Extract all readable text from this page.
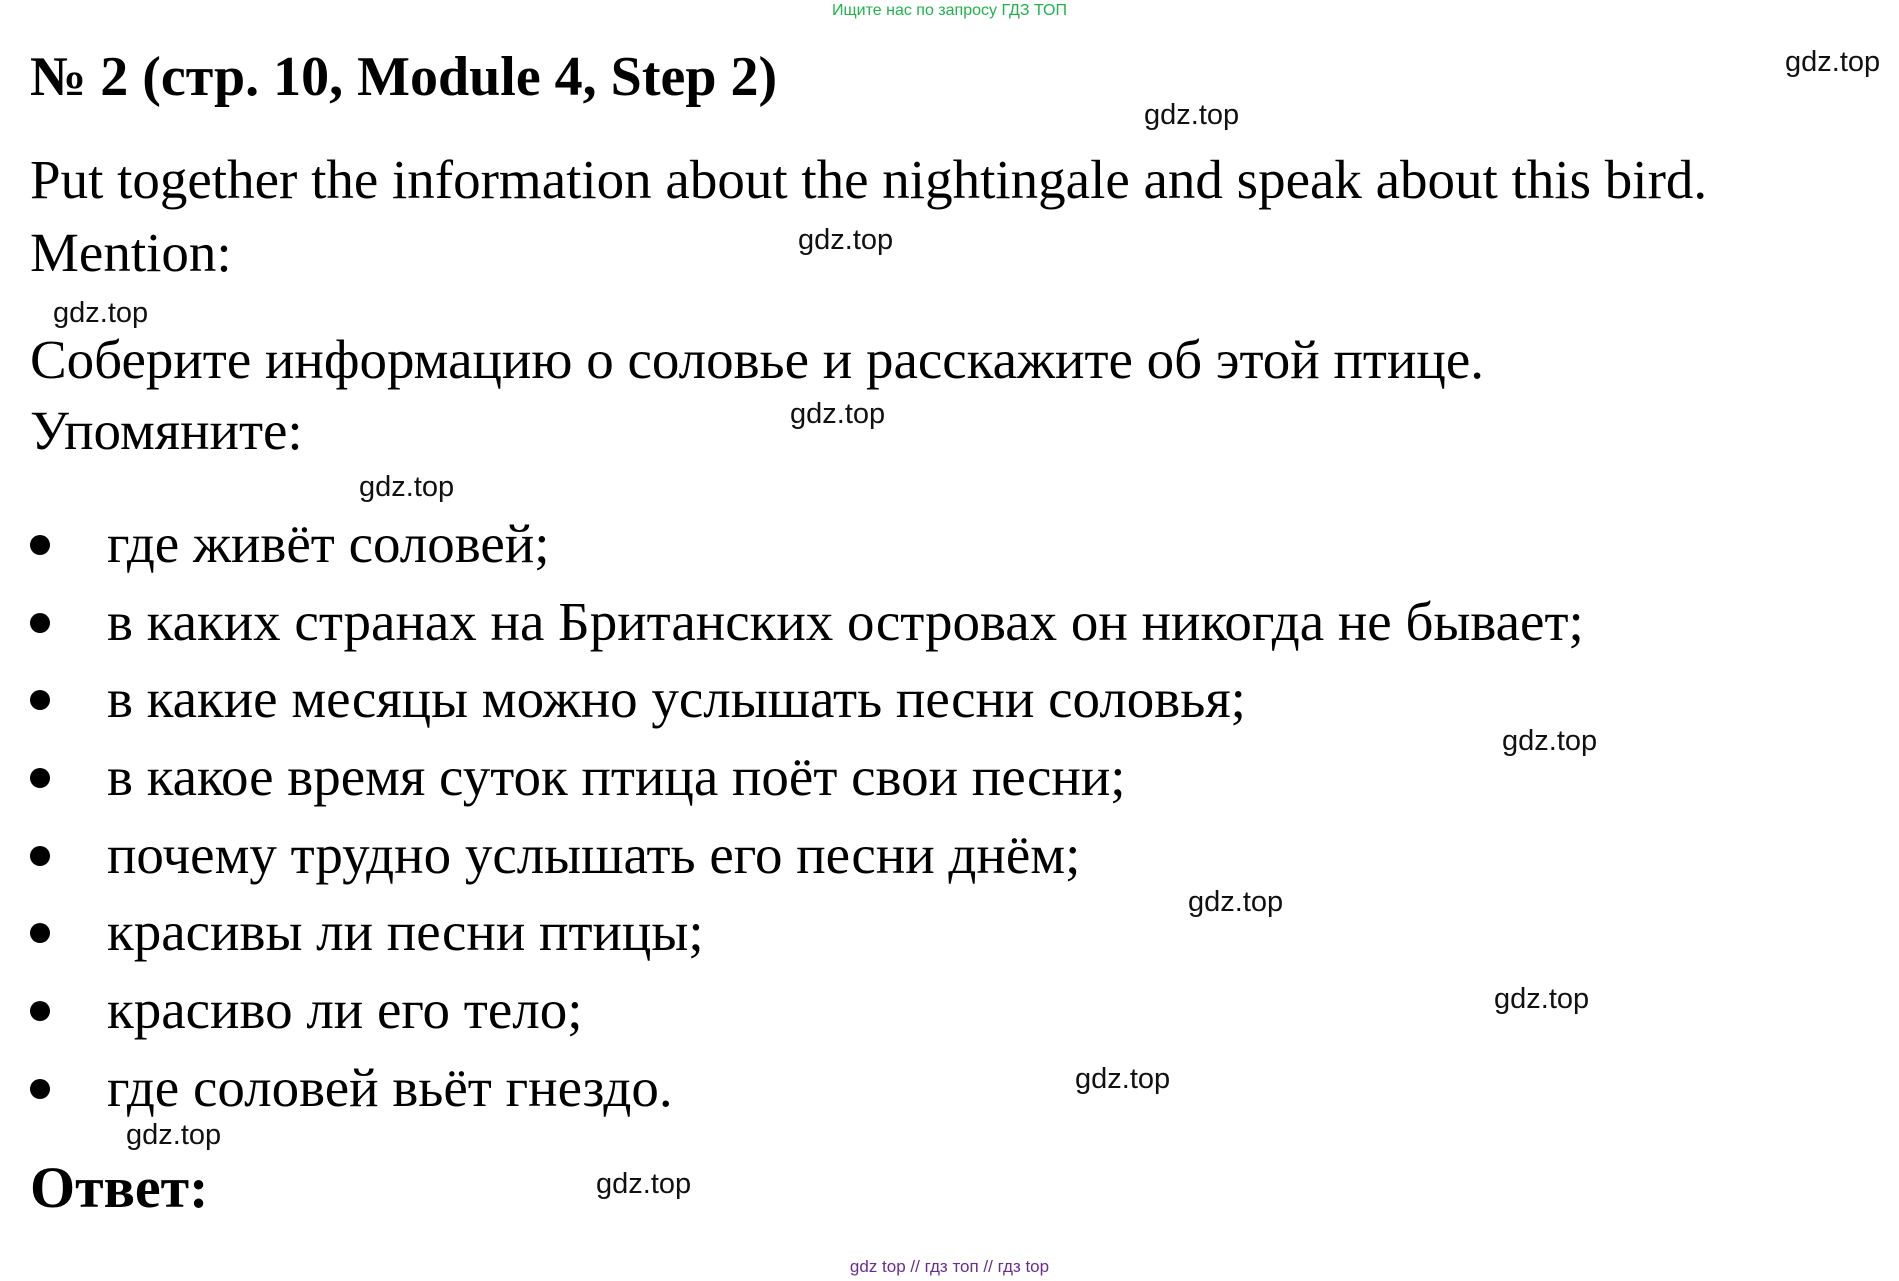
Ищите нас по запросу ГДЗ ТОП
№ 2 (стр. 10, Module 4, Step 2)
Put together the information about the nightingale and speak about this bird.
Mention:
Соберите информацию о соловье и расскажите об этой птице.
Упомяните:
где живёт соловей;
в каких странах на Британских островах он никогда не бывает;
в какие месяцы можно услышать песни соловья;
в какое время суток птица поёт свои песни;
почему трудно услышать его песни днём;
красивы ли песни птицы;
красиво ли его тело;
где соловей вьёт гнездо.
Ответ:
gdz.top
gdz.top
gdz.top
gdz.top
gdz.top
gdz.top
gdz.top
gdz.top
gdz.top
gdz.top
gdz.top
gdz.top
gdz top // гдз топ // гдз top
